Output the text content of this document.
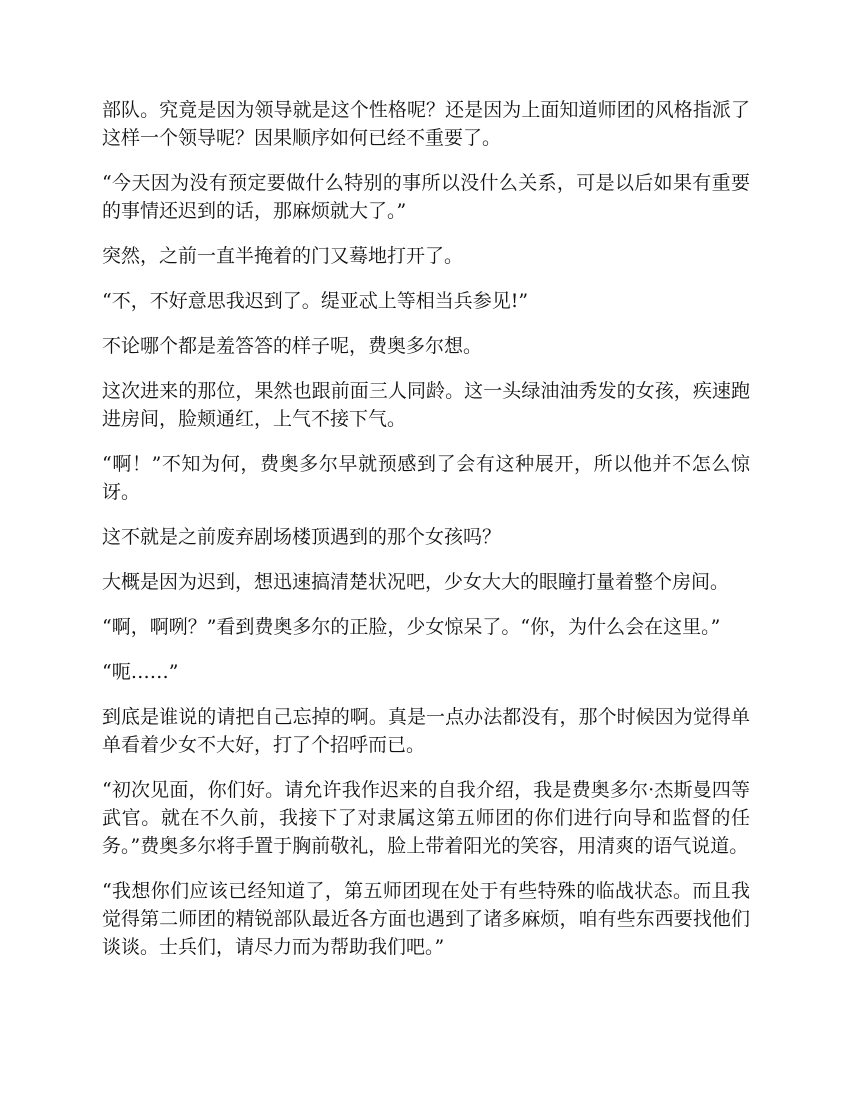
部队。究竟是因为领导就是这个性格呢？还是因为上面知道师团的风格指派了这样一个领导呢？因果顺序如何已经不重要了。

“今天因为没有预定要做什么特别的事所以没什么关系，可是以后如果有重要的事情还迟到的话，那麻烦就大了。”

突然，之前一直半掩着的门又蓦地打开了。

“不，不好意思我迟到了。缇亚忒上等相当兵参见!”

不论哪个都是羞答答的样子呢，费奥多尔想。

这次进来的那位，果然也跟前面三人同龄。这一头绿油油秀发的女孩，疾速跑进房间，脸颊通红，上气不接下气。

“啊！”不知为何，费奥多尔早就预感到了会有这种展开，所以他并不怎么惊讶。

这不就是之前废弃剧场楼顶遇到的那个女孩吗？

大概是因为迟到，想迅速搞清楚状况吧，少女大大的眼瞳打量着整个房间。

“啊，啊咧？”看到费奥多尔的正脸，少女惊呆了。“你，为什么会在这里。”

“呃……”

到底是谁说的请把自己忘掉的啊。真是一点办法都没有，那个时候因为觉得单单看着少女不大好，打了个招呼而已。

“初次见面，你们好。请允许我作迟来的自我介绍，我是费奥多尔·杰斯曼四等武官。就在不久前，我接下了对隶属这第五师团的你们进行向导和监督的任务。”费奥多尔将手置于胸前敬礼，脸上带着阳光的笑容，用清爽的语气说道。

“我想你们应该已经知道了，第五师团现在处于有些特殊的临战状态。而且我觉得第二师团的精锐部队最近各方面也遇到了诸多麻烦，咱有些东西要找他们谈谈。士兵们，请尽力而为帮助我们吧。”
